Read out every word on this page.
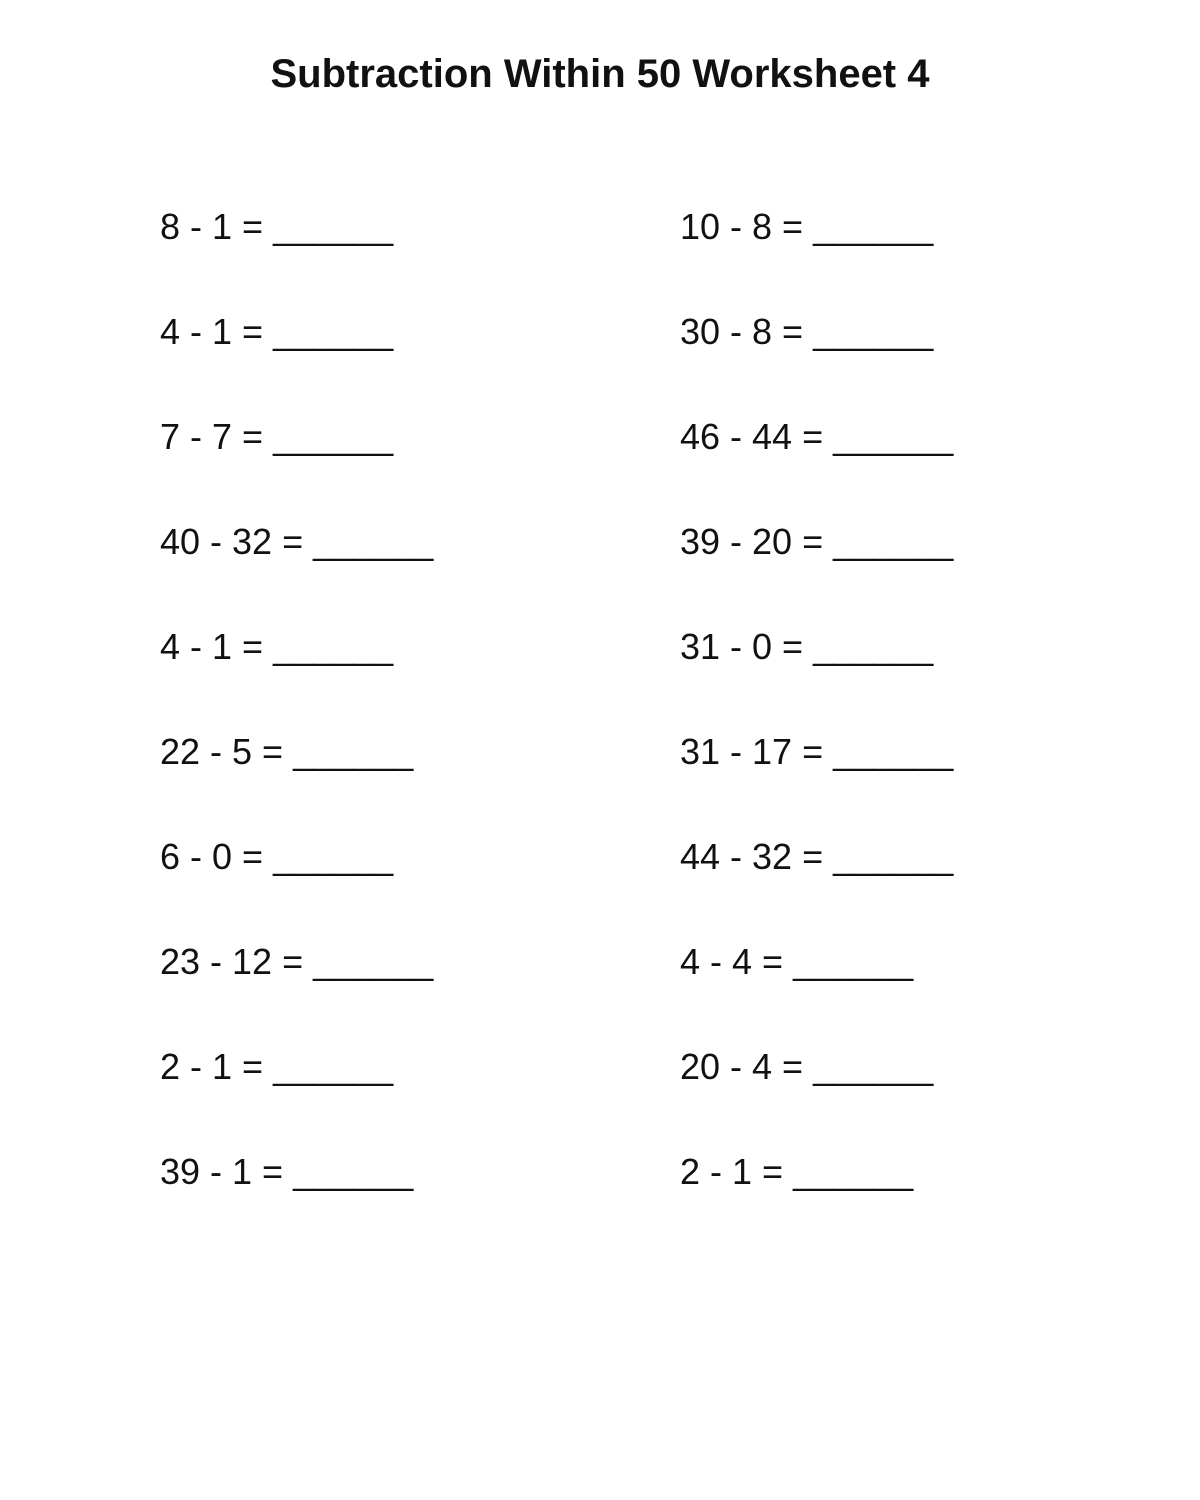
Subtraction Within 50 Worksheet 4
8 - 1 = ______	10 - 8 = ______
4 - 1 = ______	30 - 8 = ______
7 - 7 = ______	46 - 44 = ______
40 - 32 = ______	39 - 20 = ______
4 - 1 = ______	31 - 0 = ______
22 - 5 = ______	31 - 17 = ______
6 - 0 = ______	44 - 32 = ______
23 - 12 = ______	4 - 4 = ______
2 - 1 = ______	20 - 4 = ______
39 - 1 = ______	2 - 1 = ______
